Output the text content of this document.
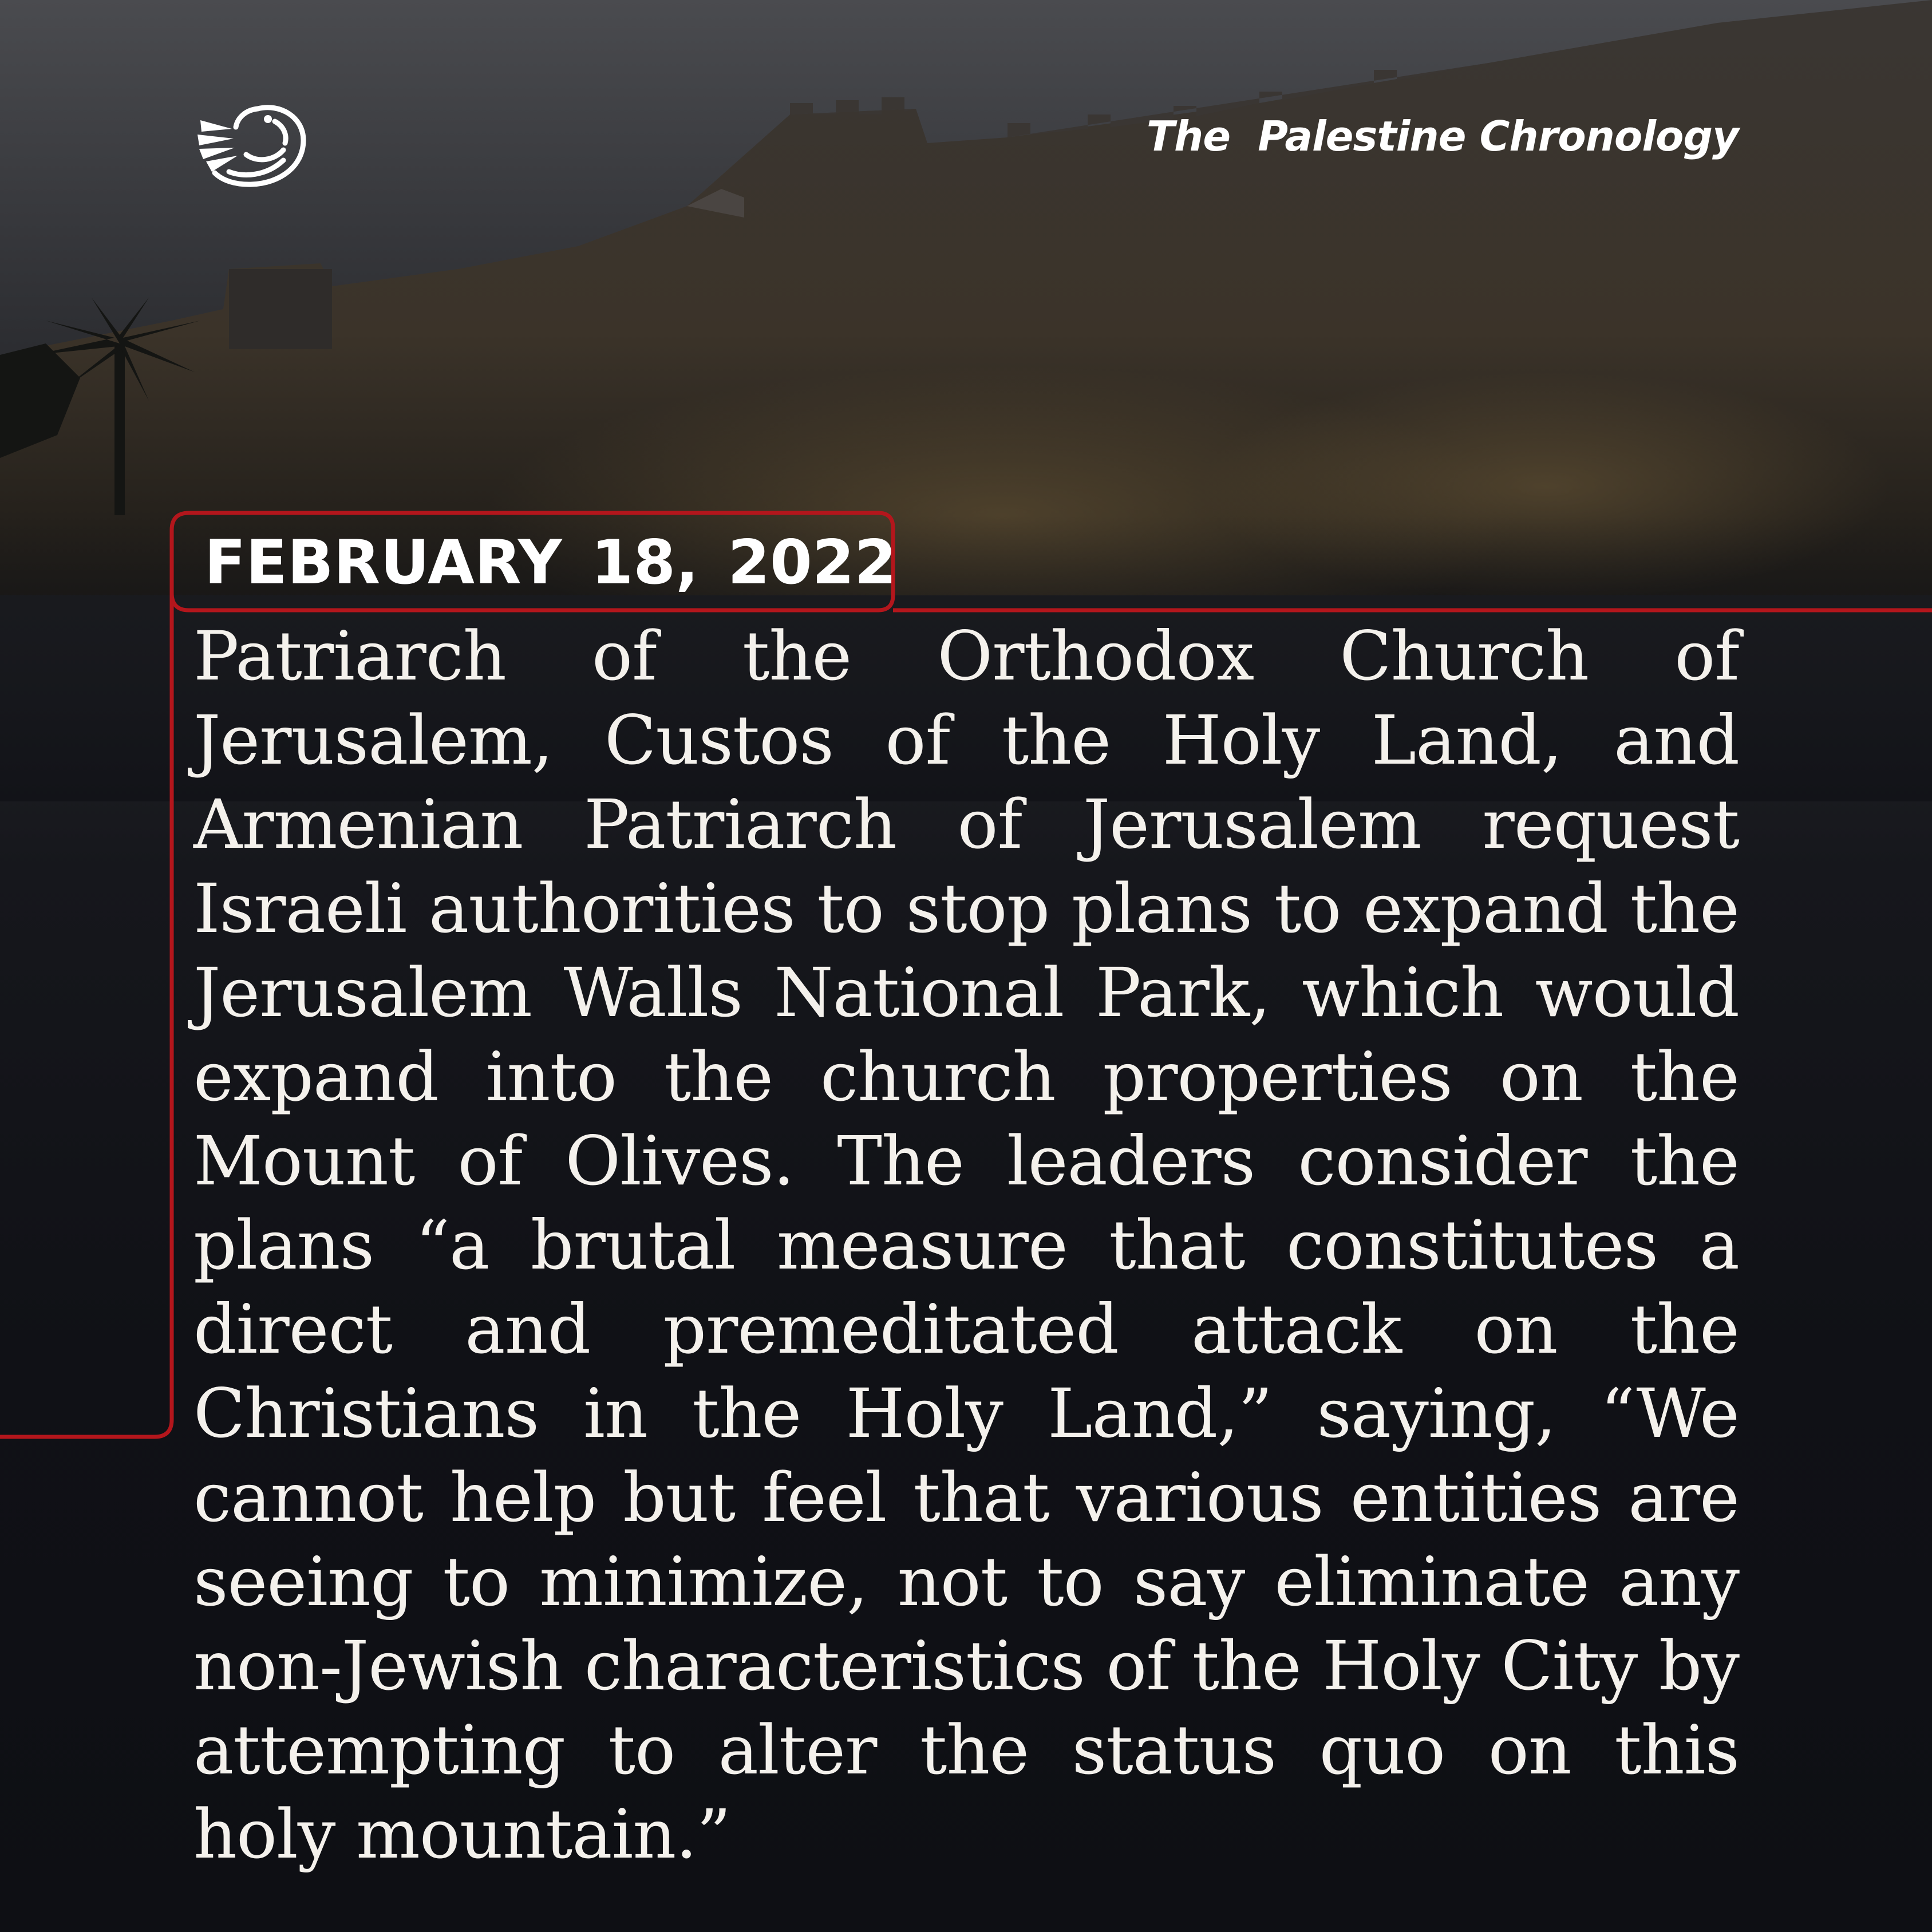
The  Palestine Chronology
FEBRUARY 18, 2022
Patriarch of the Orthodox Church of Jerusalem, Custos of the Holy Land, and Armenian Patriarch of Jerusalem request Israeli authorities to stop plans to expand the Jerusalem Walls National Park, which would expand into the church properties on the Mount of Olives. The leaders consider the plans “a brutal measure that constitutes a direct and premeditated attack on the Christians in the Holy Land,” saying, “We cannot help but feel that various entities are seeing to minimize, not to say eliminate any non-Jewish characteristics of the Holy City by attempting to alter the status quo on this holy mountain.”
